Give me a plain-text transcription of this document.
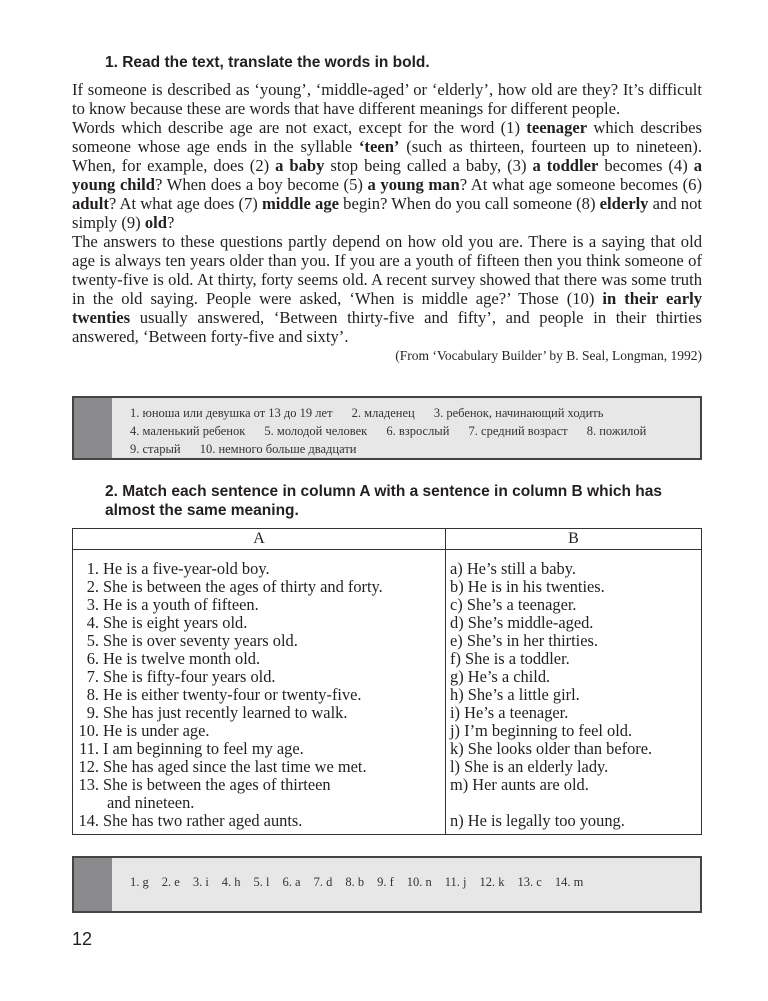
1. Read the text, translate the words in bold.

If someone is described as ‘young’, ‘middle-aged’ or ‘elderly’, how old are they? It’s difficult to know because these are words that have different meanings for different people.

Words which describe age are not exact, except for the word (1) teenager which describes someone whose age ends in the syllable ‘teen’ (such as thirteen, fourteen up to nineteen). When, for example, does (2) a baby stop being called a baby, (3) a toddler becomes (4) a young child? When does a boy become (5) a young man? At what age someone becomes (6) adult? At what age does (7) middle age begin? When do you call someone (8) elderly and not simply (9) old?

The answers to these questions partly depend on how old you are. There is a saying that old age is always ten years older than you. If you are a youth of fifteen then you think someone of twenty-five is old. At thirty, forty seems old. A recent survey showed that there was some truth in the old saying. People were asked, ‘When is middle age?’ Those (10) in their early twenties usually answered, ‘Between thirty-five and fifty’, and people in their thirties answered, ‘Between forty-five and sixty’.

(From ‘Vocabulary Builder’ by B. Seal, Longman, 1992)

1. юноша или девушка от 13 до 19 лет 2. младенец 3. ребенок, начинающий ходить
4. маленький ребенок 5. молодой человек 6. взрослый 7. средний возраст 8. пожилой
9. старый 10. немного больше двадцати
2. Match each sentence in column A with a sentence in column B which has almost the same meaning.
A	B
1. He is a five-year-old boy.	a) He’s still a baby.
2. She is between the ages of thirty and forty.	b) He is in his twenties.
3. He is a youth of fifteen.	c) She’s a teenager.
4. She is eight years old.	d) She’s middle-aged.
5. She is over seventy years old.	e) She’s in her thirties.
6. He is twelve month old.	f) She is a toddler.
7. She is fifty-four years old.	g) He’s a child.
8. He is either twenty-four or twenty-five.	h) She’s a little girl.
9. She has just recently learned to walk.	i) He’s a teenager.
10. He is under age.	j) I’m beginning to feel old.
11. I am beginning to feel my age.	k) She looks older than before.
12. She has aged since the last time we met.	l) She is an elderly lady.
13. She is between the ages of thirteen
and nineteen.	m) Her aunts are old.
14. She has two rather aged aunts.	n) He is legally too young.
1. g 2. e 3. i 4. h 5. l 6. a 7. d 8. b 9. f 10. n 11. j 12. k 13. c 14. m
12
